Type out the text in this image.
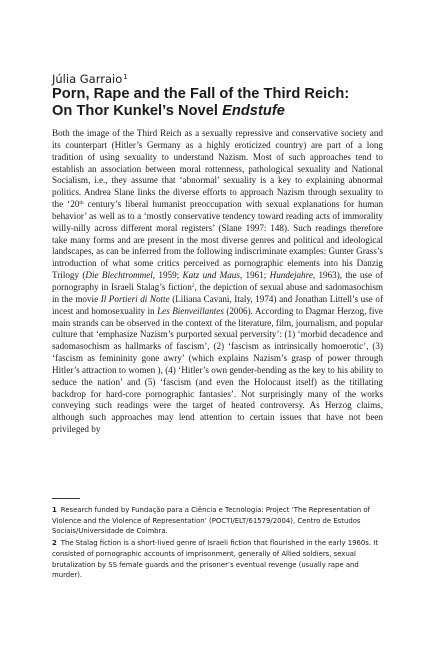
Júlia Garraio$^1$
Porn, Rape and the Fall of the Third Reich:
On Thor Kunkel’s Novel Endstufe

Both the image of the Third Reich as a sexually repressive and conservative society and its counterpart (Hitler’s Germany as a highly eroticized country) are part of a long tradition of using sexuality to understand Nazism. Most of such approaches tend to establish an association between moral rottenness, pathological sexuality and National Socialism, i.e., they assume that ‘abnormal’ sexuality is a key to explaining abnormal politics. Andrea Slane links the diverse efforts to approach Nazism through sexuality to the ‘20th century’s liberal humanist preoccupation with sexual explanations for human behavior’ as well as to a ‘mostly conservative tendency toward reading acts of immorality willy-nilly across different moral registers’ (Slane 1997: 148). Such readings therefore take many forms and are present in the most diverse genres and political and ideological landscapes, as can be inferred from the following indiscriminate examples: Gunter Grass’s introduction of what some critics perceived as pornographic elements into his Danzig Trilogy (Die Blechtrommel, 1959; Katz und Maus, 1961; Hundejahre, 1963), the use of pornography in Israeli Stalag’s fiction$^2$, the depiction of sexual abuse and sadomasochism in the movie Il Portieri di Notte (Liliana Cavani, Italy, 1974) and Jonathan Littell’s use of incest and homosexuality in Les Bienveillantes (2006). According to Dagmar Herzog, five main strands can be observed in the context of the literature, film, journalism, and popular culture that ‘emphasize Nazism’s purported sexual perversity’: (1) ‘morbid decadence and sadomasochism as hallmarks of fascism’, (2) ‘fascism as intrinsically homoerotic’, (3) ‘fascism as femininity gone awry’ (which explains Nazism’s grasp of power through Hitler’s attraction to women ), (4) ‘Hitler’s own gender-bending as the key to his ability to seduce the nation’ and (5) ‘fascism (and even the Holocaust itself) as the titillating backdrop for hard-core pornographic fantasies’. Not surprisingly many of the works conveying such readings were the target of heated controversy. As Herzog claims, although such approaches may lend attention to certain issues that have not been privileged by

1 Research funded by Fundação para a Ciência e Tecnologia: Project ‘The Representation of Violence and the Violence of Representation’ (POCTI/ELT/61579/2004), Centro de Estudos Sociais/Universidade de Coimbra.

2 The Stalag fiction is a short-lived genre of Israeli fiction that flourished in the early 1960s. It consisted of pornographic accounts of imprisonment, generally of Allied soldiers, sexual brutalization by SS female guards and the prisoner’s eventual revenge (usually rape and murder).
